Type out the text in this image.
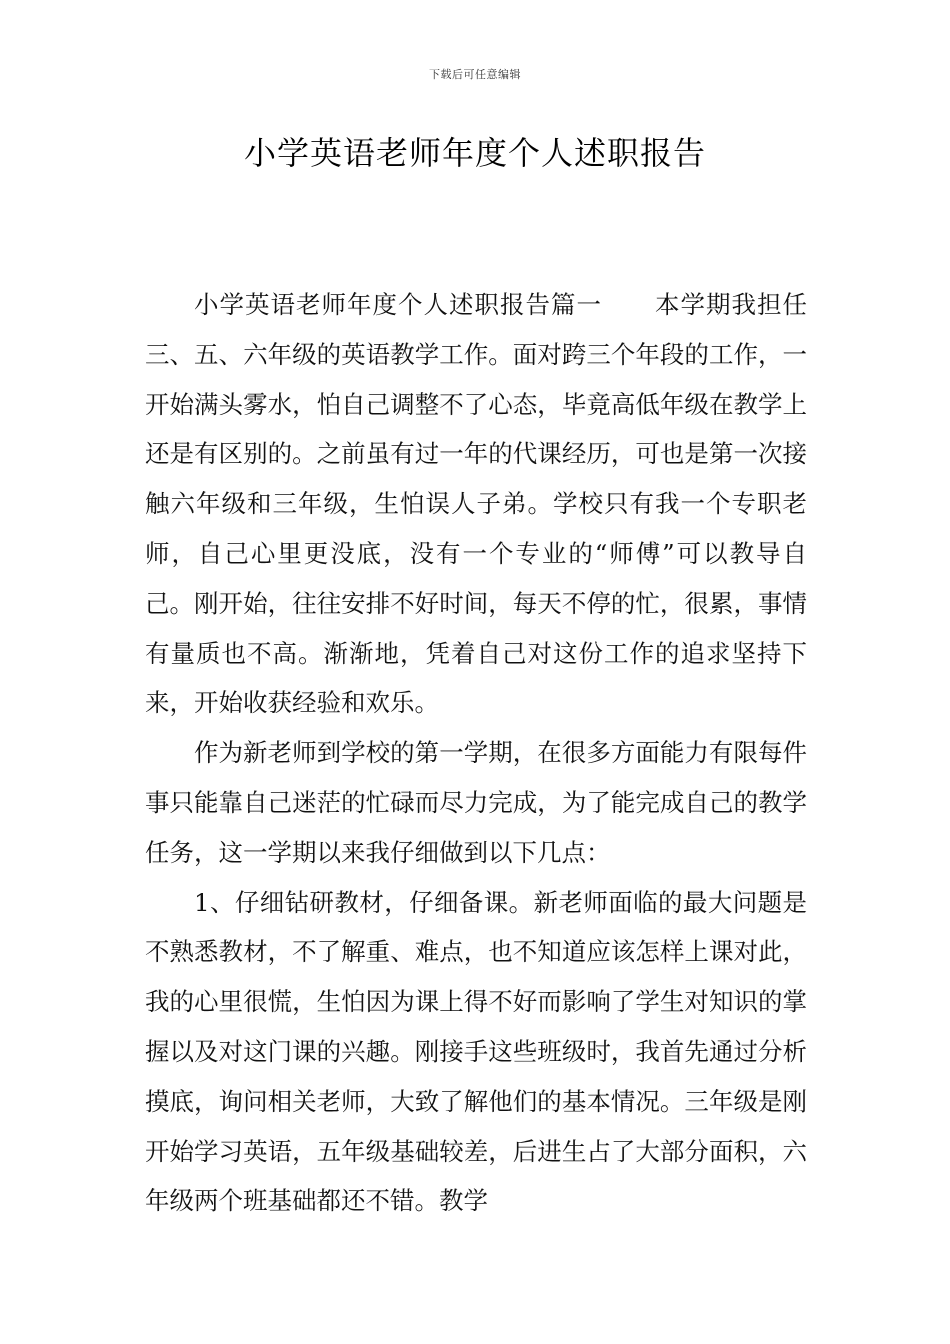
下载后可任意编辑
小学英语老师年度个人述职报告

小学英语老师年度个人述职报告篇一 本学期我担任三、五、六年级的英语教学工作。面对跨三个年段的工作，一开始满头雾水，怕自己调整不了心态，毕竟高低年级在教学上还是有区别的。之前虽有过一年的代课经历，可也是第一次接触六年级和三年级，生怕误人子弟。学校只有我一个专职老师，自己心里更没底，没有一个专业的“师傅”可以教导自己。刚开始，往往安排不好时间，每天不停的忙，很累，事情有量质也不高。渐渐地，凭着自己对这份工作的追求坚持下来，开始收获经验和欢乐。

作为新老师到学校的第一学期，在很多方面能力有限每件事只能靠自己迷茫的忙碌而尽力完成，为了能完成自己的教学任务，这一学期以来我仔细做到以下几点：

1、仔细钻研教材，仔细备课。新老师面临的最大问题是不熟悉教材，不了解重、难点，也不知道应该怎样上课对此，我的心里很慌，生怕因为课上得不好而影响了学生对知识的掌握以及对这门课的兴趣。刚接手这些班级时，我首先通过分析摸底，询问相关老师，大致了解他们的基本情况。三年级是刚开始学习英语，五年级基础较差，后进生占了大部分面积，六年级两个班基础都还不错。教学
